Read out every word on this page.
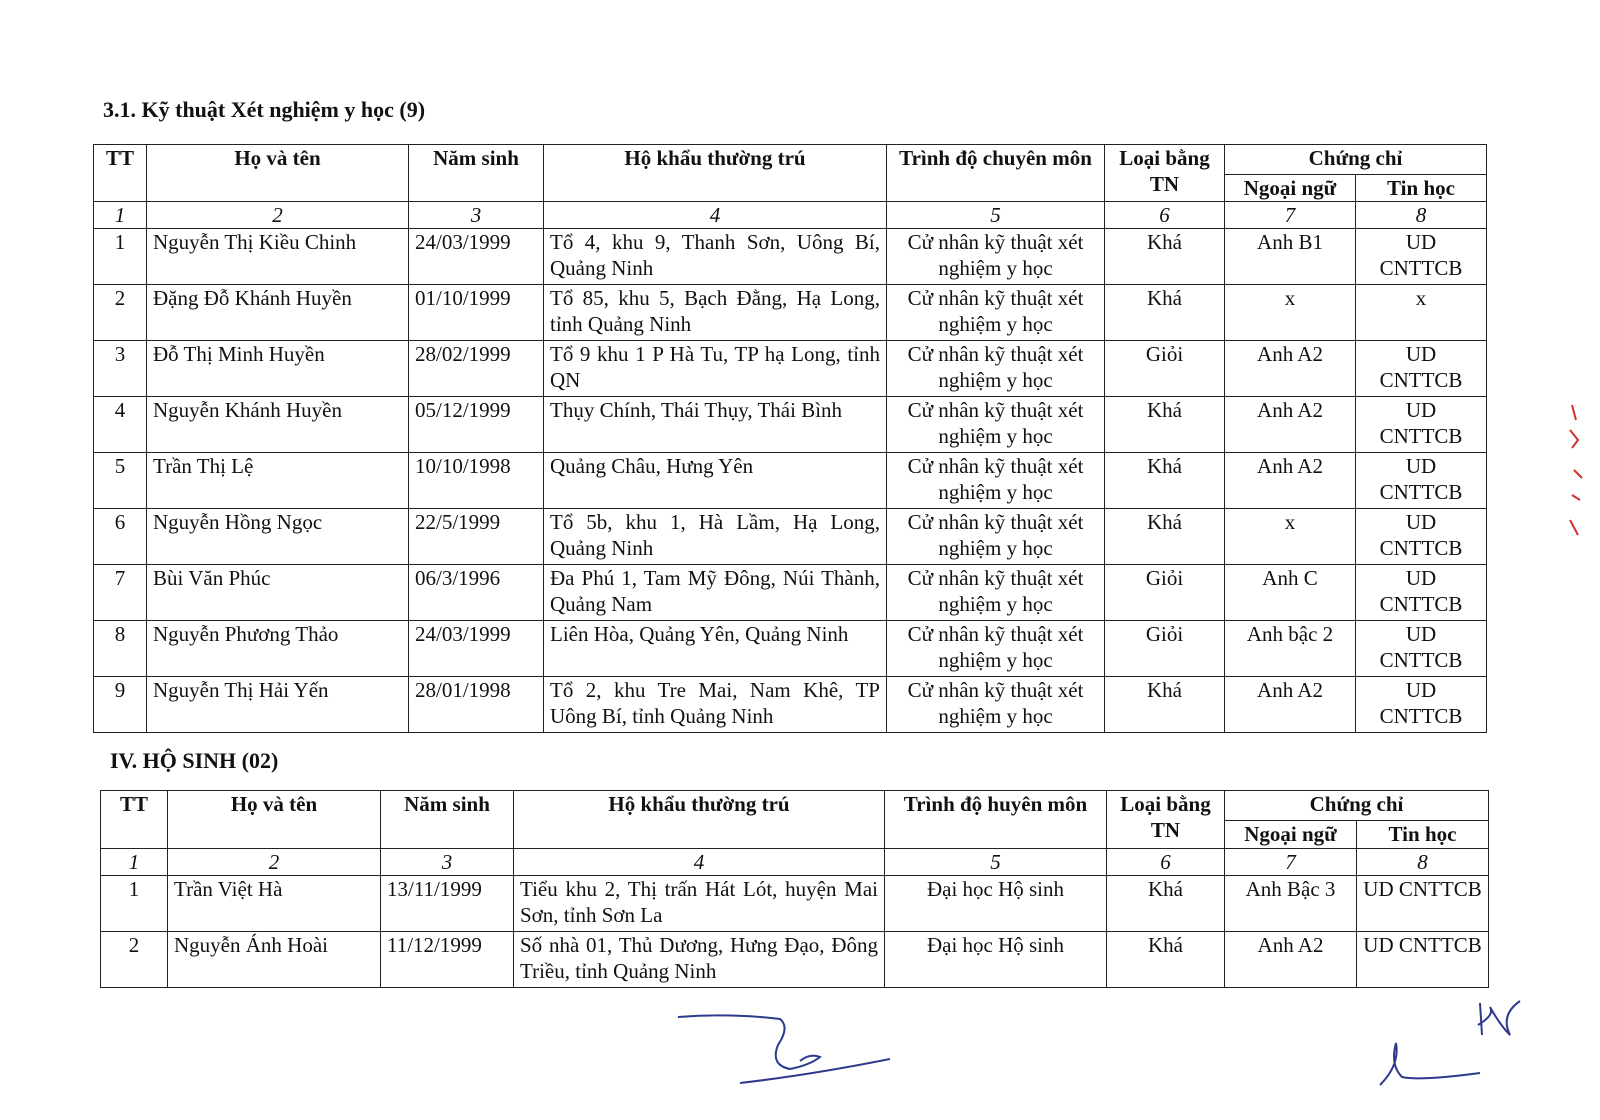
3.1. Kỹ thuật Xét nghiệm y học (9)
TT	Họ và tên	Năm sinh	Hộ khẩu thường trú	Trình độ chuyên môn	Loại bằng TN	Chứng chỉ	
						Ngoại ngữ	Tin học
1	2	3	4	5	6	7	8
1	Nguyễn Thị Kiều Chinh	24/03/1999	Tổ 4, khu 9, Thanh Sơn, Uông Bí, Quảng Ninh	Cử nhân kỹ thuật xét nghiệm y học	Khá	Anh B1	UD CNTTCB
2	Đặng Đỗ Khánh Huyền	01/10/1999	Tổ 85, khu 5, Bạch Đằng, Hạ Long, tỉnh Quảng Ninh	Cử nhân kỹ thuật xét nghiệm y học	Khá	x	x
3	Đỗ Thị Minh Huyền	28/02/1999	Tổ 9 khu 1 P Hà Tu, TP hạ Long, tỉnh QN	Cử nhân kỹ thuật xét nghiệm y học	Giỏi	Anh A2	UD CNTTCB
4	Nguyễn Khánh Huyền	05/12/1999	Thụy Chính, Thái Thụy, Thái Bình	Cử nhân kỹ thuật xét nghiệm y học	Khá	Anh A2	UD CNTTCB
5	Trần Thị Lệ	10/10/1998	Quảng Châu, Hưng Yên	Cử nhân kỹ thuật xét nghiệm y học	Khá	Anh A2	UD CNTTCB
6	Nguyễn Hồng Ngọc	22/5/1999	Tổ 5b, khu 1, Hà Lầm, Hạ Long, Quảng Ninh	Cử nhân kỹ thuật xét nghiệm y học	Khá	x	UD CNTTCB
7	Bùi Văn Phúc	06/3/1996	Đa Phú 1, Tam Mỹ Đông, Núi Thành, Quảng Nam	Cử nhân kỹ thuật xét nghiệm y học	Giỏi	Anh C	UD CNTTCB
8	Nguyễn Phương Thảo	24/03/1999	Liên Hòa, Quảng Yên, Quảng Ninh	Cử nhân kỹ thuật xét nghiệm y học	Giỏi	Anh bậc 2	UD CNTTCB
9	Nguyễn Thị Hải Yến	28/01/1998	Tổ 2, khu Tre Mai, Nam Khê, TP Uông Bí, tỉnh Quảng Ninh	Cử nhân kỹ thuật xét nghiệm y học	Khá	Anh A2	UD CNTTCB
IV. HỘ SINH (02)
TT	Họ và tên	Năm sinh	Hộ khẩu thường trú	Trình độ huyên môn	Loại bằng TN	Chứng chỉ	
						Ngoại ngữ	Tin học
1	2	3	4	5	6	7	8
1	Trần Việt Hà	13/11/1999	Tiểu khu 2, Thị trấn Hát Lót, huyện Mai Sơn, tỉnh Sơn La	Đại học Hộ sinh	Khá	Anh Bậc 3	UD CNTTCB
2	Nguyễn Ánh Hoài	11/12/1999	Số nhà 01, Thủ Dương, Hưng Đạo, Đông Triều, tỉnh Quảng Ninh	Đại học Hộ sinh	Khá	Anh A2	UD CNTTCB
